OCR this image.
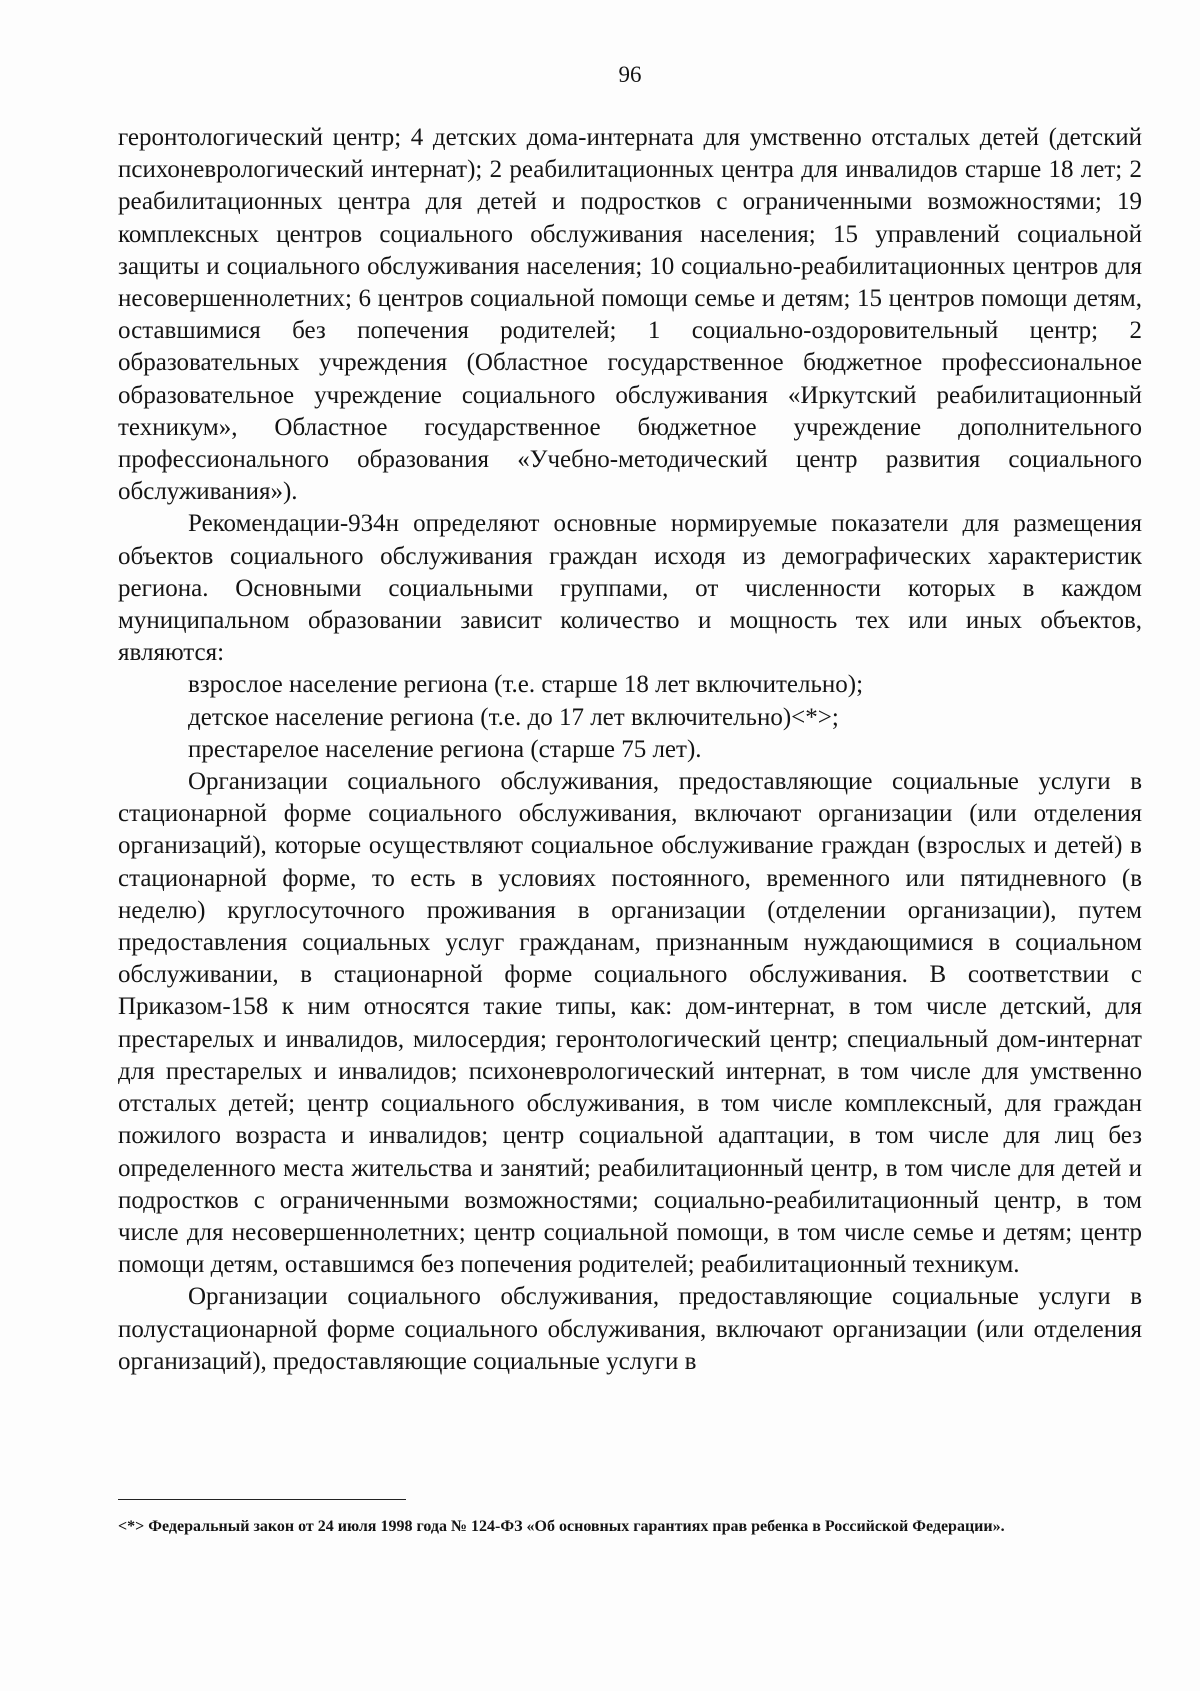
96

геронтологический центр; 4 детских дома-интерната для умственно отсталых детей (детский психоневрологический интернат); 2 реабилитационных центра для инвалидов старше 18 лет; 2 реабилитационных центра для детей и подростков с ограниченными возможностями; 19 комплексных центров социального обслуживания населения; 15 управлений социальной защиты и социального обслуживания населения; 10 социально-реабилитационных центров для несовершеннолетних; 6 центров социальной помощи семье и детям; 15 центров помощи детям, оставшимися без попечения родителей; 1 социально-оздоровительный центр; 2 образовательных учреждения (Областное государственное бюджетное профессиональное образовательное учреждение социального обслуживания «Иркутский реабилитационный техникум», Областное государственное бюджетное учреждение дополнительного профессионального образования «Учебно-методический центр развития социального обслуживания»).

Рекомендации-934н определяют основные нормируемые показатели для размещения объектов социального обслуживания граждан исходя из демографических характеристик региона. Основными социальными группами, от численности которых в каждом муниципальном образовании зависит количество и мощность тех или иных объектов, являются:

взрослое население региона (т.е. старше 18 лет включительно);

детское население региона (т.е. до 17 лет включительно)<*>;

престарелое население региона (старше 75 лет).

Организации социального обслуживания, предоставляющие социальные услуги в стационарной форме социального обслуживания, включают организации (или отделения организаций), которые осуществляют социальное обслуживание граждан (взрослых и детей) в стационарной форме, то есть в условиях постоянного, временного или пятидневного (в неделю) круглосуточного проживания в организации (отделении организации), путем предоставления социальных услуг гражданам, признанным нуждающимися в социальном обслуживании, в стационарной форме социального обслуживания. В соответствии с Приказом-158 к ним относятся такие типы, как: дом-интернат, в том числе детский, для престарелых и инвалидов, милосердия; геронтологический центр; специальный дом-интернат для престарелых и инвалидов; психоневрологический интернат, в том числе для умственно отсталых детей; центр социального обслуживания, в том числе комплексный, для граждан пожилого возраста и инвалидов; центр социальной адаптации, в том числе для лиц без определенного места жительства и занятий; реабилитационный центр, в том числе для детей и подростков с ограниченными возможностями; социально-реабилитационный центр, в том числе для несовершеннолетних; центр социальной помощи, в том числе семье и детям; центр помощи детям, оставшимся без попечения родителей; реабилитационный техникум.

Организации социального обслуживания, предоставляющие социальные услуги в полустационарной форме социального обслуживания, включают организации (или отделения организаций), предоставляющие социальные услуги в

<*> Федеральный закон от 24 июля 1998 года № 124-ФЗ «Об основных гарантиях прав ребенка в Российской Федерации».
